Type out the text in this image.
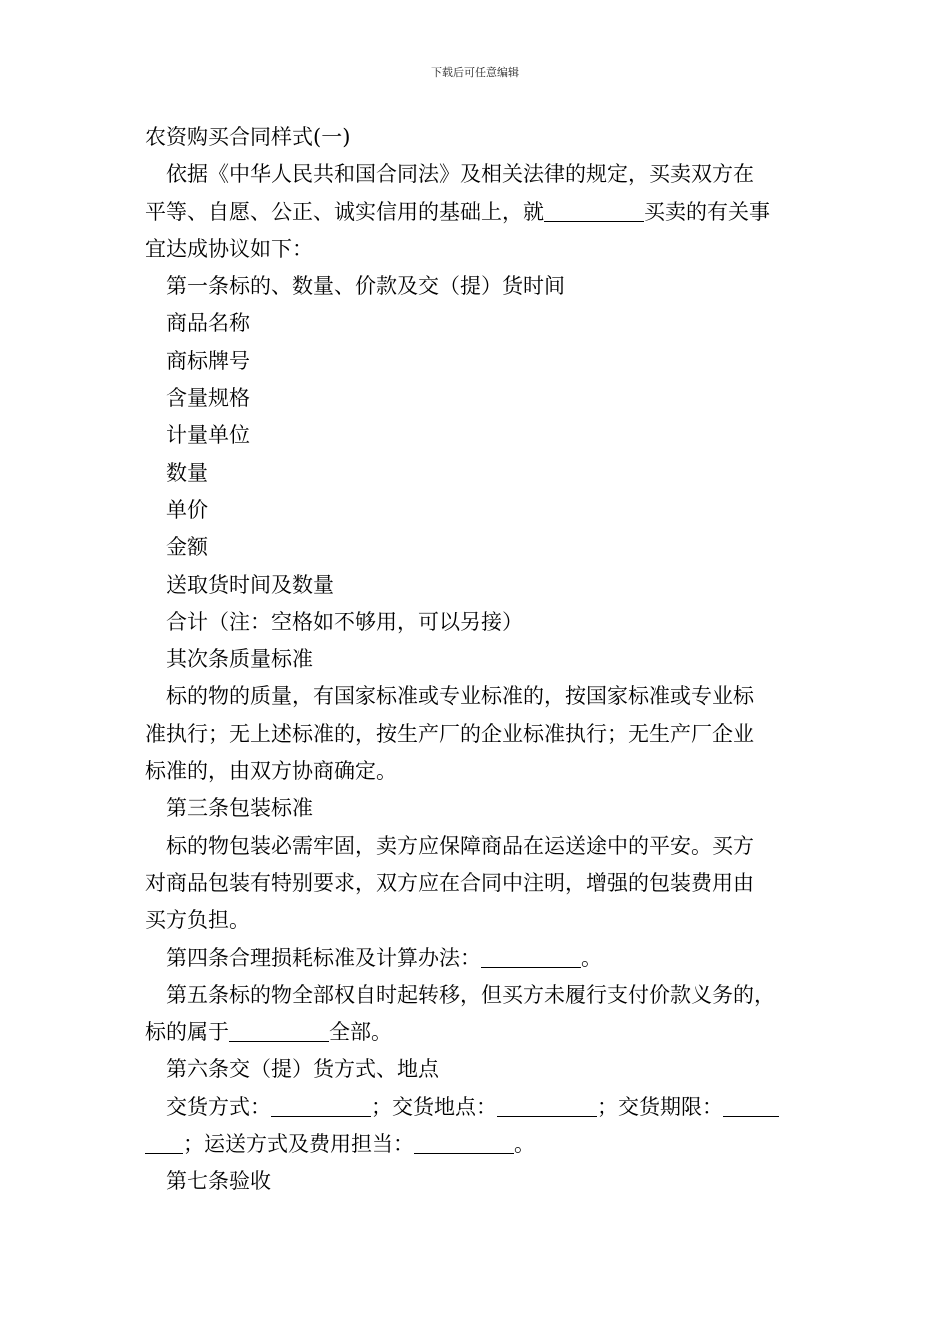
下载后可任意编辑
农资购买合同样式(一)
依据《中华人民共和国合同法》及相关法律的规定，买卖双方在
平等、自愿、公正、诚实信用的基础上，就	买卖的有关事
宜达成协议如下：
第一条标的、数量、价款及交（提）货时间
商品名称
商标牌号
含量规格
计量单位
数量
单价
金额
送取货时间及数量
合计（注：空格如不够用，可以另接）
其次条质量标准
标的物的质量，有国家标准或专业标准的，按国家标准或专业标
准执行；无上述标准的，按生产厂的企业标准执行；无生产厂企业
标准的，由双方协商确定。
第三条包装标准
标的物包装必需牢固，卖方应保障商品在运送途中的平安。买方
对商品包装有特别要求，双方应在合同中注明，增强的包装费用由
买方负担。
第四条合理损耗标准及计算办法：	。
第五条标的物全部权自时起转移，但买方未履行支付价款义务的，
标的属于	全部。
第六条交（提）货方式、地点
交货方式：	；交货地点：	；交货期限：
；运送方式及费用担当：	。
第七条验收
